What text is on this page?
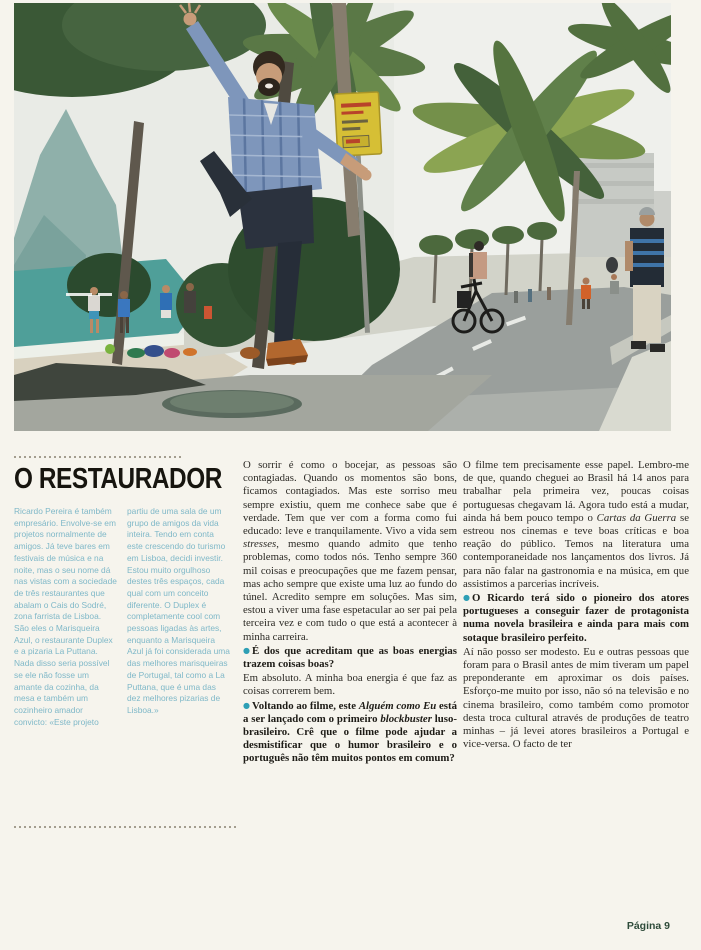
O RESTAURADOR
Ricardo Pereira é também empresário. Envolve-se em projetos normalmente de amigos. Já teve bares em festivais de música e na noite, mas o seu nome dá nas vistas com a sociedade de três restaurantes que abalam o Cais do Sodré, zona farrista de Lisboa. São eles o Marisqueira Azul, o restaurante Duplex e a pizaria La Puttana. Nada disso seria possível se ele não fosse um amante da cozinha, da mesa e também um cozinheiro amador convicto: «Este projeto partiu de uma sala de um grupo de amigos da vida inteira. Tendo em conta este crescendo do turismo em Lisboa, decidi investir. Estou muito orgulhoso destes três espaços, cada qual com um conceito diferente. O Duplex é completamente cool com pessoas ligadas às artes, enquanto a Marisqueira Azul já foi considerada uma das melhores marisqueiras de Portugal, tal como a La Puttana, que é uma das dez melhores pizarias de Lisboa.»

O sorrir é como o bocejar, as pessoas são contagiadas. Quando os momentos são bons, ficamos contagiados. Mas este sorriso meu sempre existiu, quem me conhece sabe que é verdade. Tem que ver com a forma como fui educado: leve e tranquilamente. Vivo a vida sem stresses, mesmo quando admito que tenho problemas, como todos nós. Tenho sempre 360 mil coisas e preocupações que me fazem pensar, mas acho sempre que existe uma luz ao fundo do túnel. Acredito sempre em soluções. Mas sim, estou a viver uma fase espetacular ao ser pai pela terceira vez e com tudo o que está a acontecer à minha carreira.

● É dos que acreditam que as boas energias trazem coisas boas?

Em absoluto. A minha boa energia é que faz as coisas correrem bem.

● Voltando ao filme, este Alguém como Eu está a ser lançado com o primeiro blockbuster luso-brasileiro. Crê que o filme pode ajudar a desmistificar que o humor brasileiro e o português não têm muitos pontos em comum?

O filme tem precisamente esse papel. Lembro-me de que, quando cheguei ao Brasil há 14 anos para trabalhar pela primeira vez, poucas coisas portuguesas chegavam lá. Agora tudo está a mudar, ainda há bem pouco tempo o Cartas da Guerra se estreou nos cinemas e teve boas críticas e boa reação do público. Temos na literatura uma contemporaneidade nos lançamentos dos livros. Já para não falar na gastronomia e na música, em que assistimos a parcerias incríveis.

● O Ricardo terá sido o pioneiro dos atores portugueses a conseguir fazer de protagonista numa novela brasileira e ainda para mais com sotaque brasileiro perfeito.

Aí não posso ser modesto. Eu e outras pessoas que foram para o Brasil antes de mim tiveram um papel preponderante em aproximar os dois países. Esforço-me muito por isso, não só na televisão e no cinema brasileiro, como também como promotor desta troca cultural através de produções de teatro minhas – já levei atores brasileiros a Portugal e vice-versa. O facto de ter

Página 9
